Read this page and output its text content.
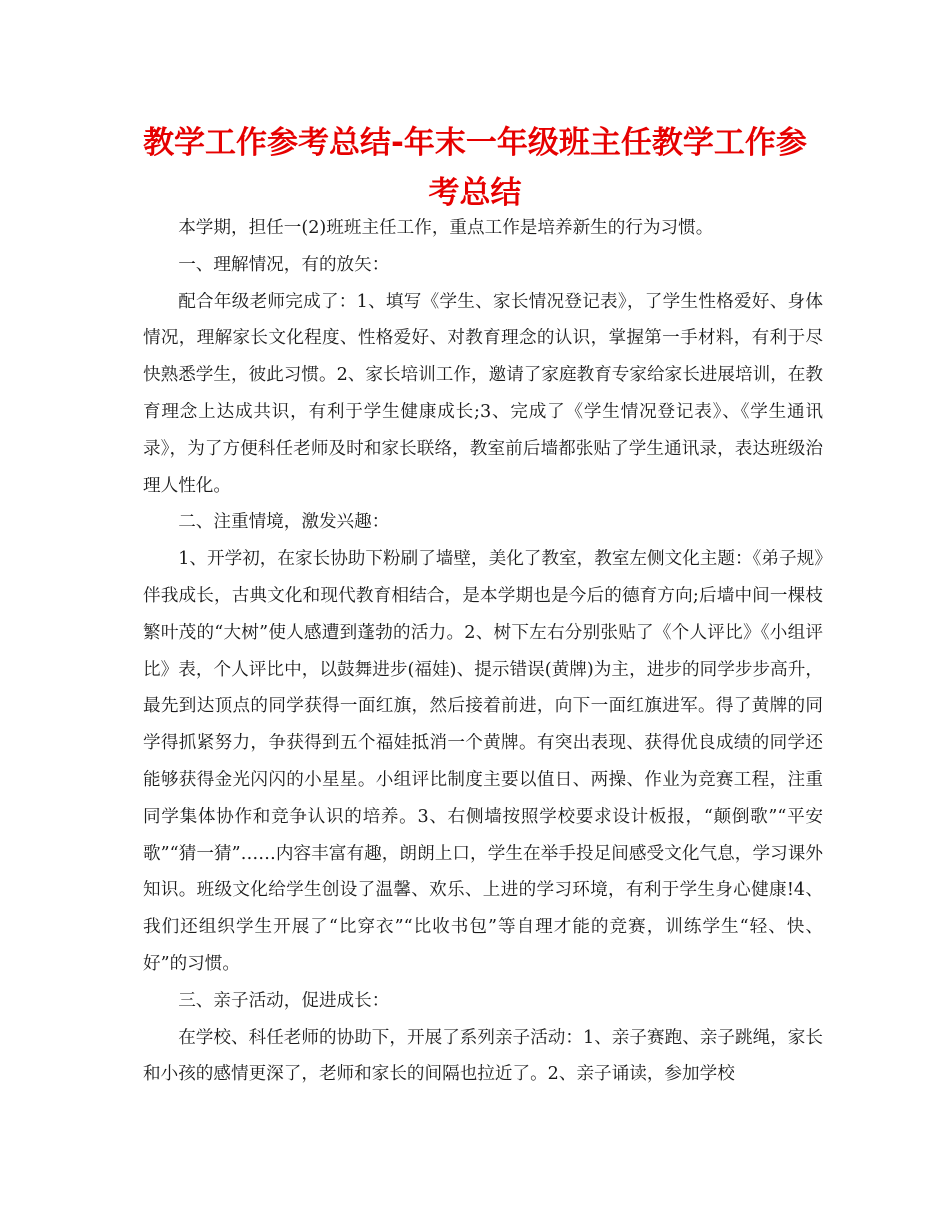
教学工作参考总结-年末一年级班主任教学工作参考总结

本学期，担任一(2)班班主任工作，重点工作是培养新生的行为习惯。

一、理解情况，有的放矢：

配合年级老师完成了：1、填写《学生、家长情况登记表》，了学生性格爱好、身体情况，理解家长文化程度、性格爱好、对教育理念的认识，掌握第一手材料，有利于尽快熟悉学生，彼此习惯。2、家长培训工作，邀请了家庭教育专家给家长进展培训，在教育理念上达成共识，有利于学生健康成长;3、完成了《学生情况登记表》、《学生通讯录》，为了方便科任老师及时和家长联络，教室前后墙都张贴了学生通讯录，表达班级治理人性化。

二、注重情境，激发兴趣：

1、开学初，在家长协助下粉刷了墙壁，美化了教室，教室左侧文化主题：《弟子规》伴我成长，古典文化和现代教育相结合，是本学期也是今后的德育方向;后墙中间一棵枝繁叶茂的“大树”使人感遭到蓬勃的活力。2、树下左右分别张贴了《个人评比》《小组评比》表，个人评比中，以鼓舞进步(福娃)、提示错误(黄牌)为主，进步的同学步步高升，最先到达顶点的同学获得一面红旗，然后接着前进，向下一面红旗进军。得了黄牌的同学得抓紧努力，争获得到五个福娃抵消一个黄牌。有突出表现、获得优良成绩的同学还能够获得金光闪闪的小星星。小组评比制度主要以值日、两操、作业为竞赛工程，注重同学集体协作和竞争认识的培养。3、右侧墙按照学校要求设计板报，“颠倒歌”“平安歌”“猜一猜”……内容丰富有趣，朗朗上口，学生在举手投足间感受文化气息，学习课外知识。班级文化给学生创设了温馨、欢乐、上进的学习环境，有利于学生身心健康!4、我们还组织学生开展了“比穿衣”“比收书包”等自理才能的竞赛，训练学生“轻、快、好”的习惯。

三、亲子活动，促进成长：

在学校、科任老师的协助下，开展了系列亲子活动：1、亲子赛跑、亲子跳绳，家长和小孩的感情更深了，老师和家长的间隔也拉近了。2、亲子诵读，参加学校
